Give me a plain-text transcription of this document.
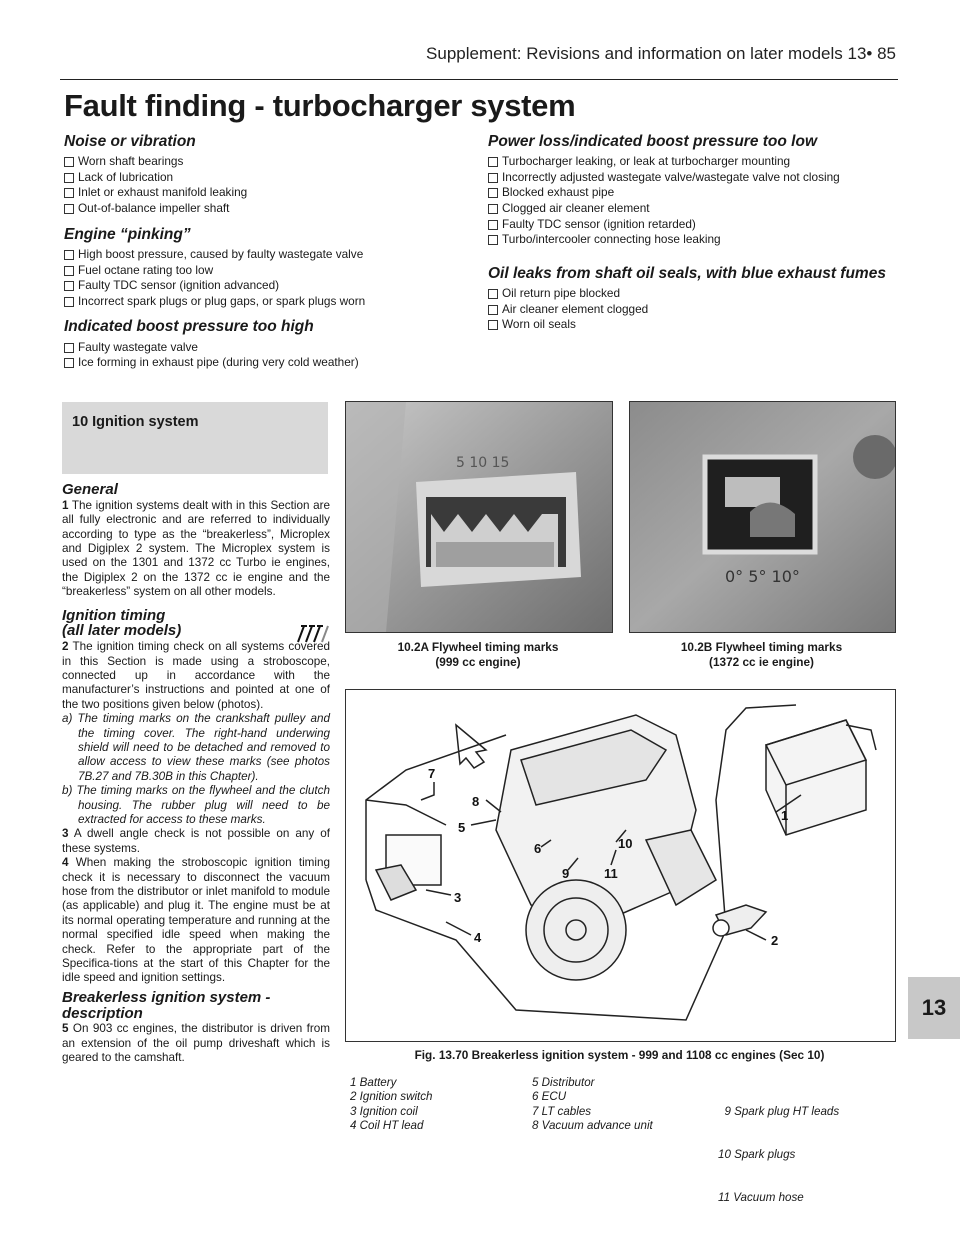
Supplement: Revisions and information on later models 13• 85
Fault finding - turbocharger system
Noise or vibration
Worn shaft bearings
Lack of lubrication
Inlet or exhaust manifold leaking
Out-of-balance impeller shaft
Engine “pinking”
High boost pressure, caused by faulty wastegate valve
Fuel octane rating too low
Faulty TDC sensor (ignition advanced)
Incorrect spark plugs or plug gaps, or spark plugs worn
Indicated boost pressure too high
Faulty wastegate valve
Ice forming in exhaust pipe (during very cold weather)
Power loss/indicated boost pressure too low
Turbocharger leaking, or leak at turbocharger mounting
Incorrectly adjusted wastegate valve/wastegate valve not closing
Blocked exhaust pipe
Clogged air cleaner element
Faulty TDC sensor (ignition retarded)
Turbo/intercooler connecting hose leaking
Oil leaks from shaft oil seals, with blue exhaust fumes
Oil return pipe blocked
Air cleaner element clogged
Worn oil seals
10 Ignition system
General

1 The ignition systems dealt with in this Section are all fully electronic and are referred to individually according to type as the “breakerless”, Microplex and Digiplex 2 system. The Microplex system is used on the 1301 and 1372 cc Turbo ie engines, the Digiplex 2 on the 1372 cc ie engine and the “breakerless” system on all other models.

Ignition timing
(all later models)

2 The ignition timing check on all systems covered in this Section is made using a stroboscope, connected up in accordance with the manufacturer’s instructions and pointed at one of the two positions given below (photos).

a) The timing marks on the crankshaft pulley and the timing cover. The right-hand underwing shield will need to be detached and removed to allow access to view these marks (see photos 7B.27 and 7B.30B in this Chapter).

b) The timing marks on the flywheel and the clutch housing. The rubber plug will need to be extracted for access to these marks.

3 A dwell angle check is not possible on any of these systems.

4 When making the stroboscopic ignition timing check it is necessary to disconnect the vacuum hose from the distributor or inlet manifold to module (as applicable) and plug it. The engine must be at its normal operating temperature and running at the normal specified idle speed when making the check. Refer to the appropriate part of the Specifica-tions at the start of this Chapter for the idle speed and ignition settings.

Breakerless ignition system -
description

5 On 903 cc engines, the distributor is driven from an extension of the oil pump driveshaft which is geared to the camshaft.

5 10 15
0° 5° 10°
10.2A Flywheel timing marks
(999 cc engine)
10.2B Flywheel timing marks
(1372 cc ie engine)
1
2
3
4
5
6
7
8
9
10
11
Fig. 13.70 Breakerless ignition system - 999 and 1108 cc engines (Sec 10)
1 Battery
2 Ignition switch
3 Ignition coil
4 Coil HT lead
5 Distributor
6 ECU
7 LT cables
8 Vacuum advance unit

9 Spark plug HT leads

10 Spark plugs

11 Vacuum hose

13
